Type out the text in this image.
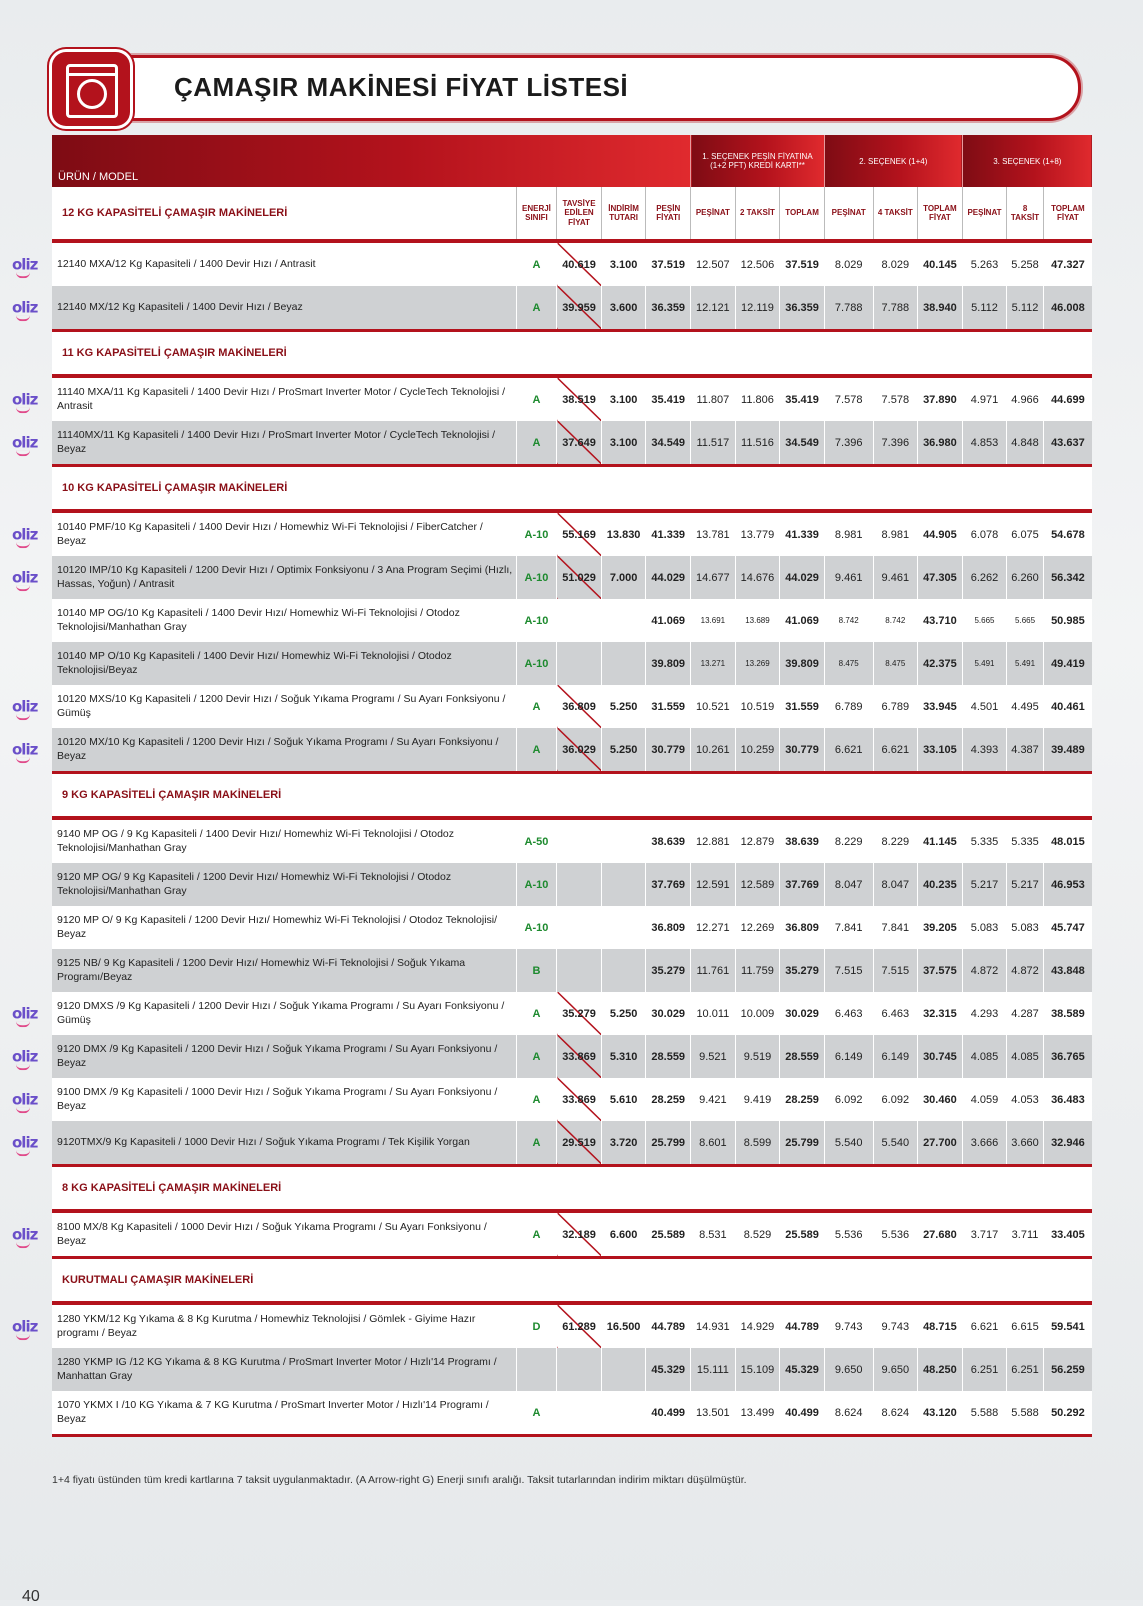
ÇAMAŞIR MAKİNESİ FİYAT LİSTESİ
ÜRÜN / MODEL					1. SEÇENEK PEŞİN FİYATINA (1+2 PFT) KREDİ KARTI**			2. SEÇENEK (1+4)			3. SEÇENEK (1+8)		
12 KG KAPASİTELİ ÇAMAŞIR MAKİNELERİ	ENERJİ SINIFI	TAVSİYE EDİLEN FİYAT	İNDİRİM TUTARI	PEŞİN FİYATI	PEŞİNAT	2 TAKSİT	TOPLAM	PEŞİNAT	4 TAKSİT	TOPLAM FİYAT	PEŞİNAT	8 TAKSİT	TOPLAM FİYAT

oliz 12140 MXA/12 Kg Kapasiteli / 1400 Devir Hızı / Antrasit	A	40.619	3.100	37.519	12.507	12.506	37.519	8.029	8.029	40.145	5.263	5.258	47.327

oliz 12140 MX/12 Kg Kapasiteli / 1400 Devir Hızı / Beyaz	A	39.959	3.600	36.359	12.121	12.119	36.359	7.788	7.788	38.940	5.112	5.112	46.008
11 KG KAPASİTELİ ÇAMAŞIR MAKİNELERİ													

oliz 11140 MXA/11 Kg Kapasiteli / 1400 Devir Hızı / ProSmart Inverter Motor / CycleTech Teknolojisi / Antrasit	A	38.519	3.100	35.419	11.807	11.806	35.419	7.578	7.578	37.890	4.971	4.966	44.699

oliz 11140MX/11 Kg Kapasiteli / 1400 Devir Hızı / ProSmart Inverter Motor / CycleTech Teknolojisi / Beyaz	A	37.649	3.100	34.549	11.517	11.516	34.549	7.396	7.396	36.980	4.853	4.848	43.637
10 KG KAPASİTELİ ÇAMAŞIR MAKİNELERİ													

oliz 10140 PMF/10 Kg Kapasiteli / 1400 Devir Hızı / Homewhiz Wi-Fi Teknolojisi / FiberCatcher / Beyaz	A-10	55.169	13.830	41.339	13.781	13.779	41.339	8.981	8.981	44.905	6.078	6.075	54.678

oliz 10120 IMP/10 Kg Kapasiteli / 1200 Devir Hızı / Optimix Fonksiyonu / 3 Ana Program Seçimi (Hızlı, Hassas, Yoğun) / Antrasit	A-10	51.029	7.000	44.029	14.677	14.676	44.029	9.461	9.461	47.305	6.262	6.260	56.342
10140 MP OG/10 Kg Kapasiteli / 1400 Devir Hızı/ Homewhiz Wi-Fi Teknolojisi / Otodoz Teknolojisi/Manhathan Gray	A-10			41.069	13.691	13.689	41.069	8.742	8.742	43.710	5.665	5.665	50.985
10140 MP O/10 Kg Kapasiteli / 1400 Devir Hızı/ Homewhiz Wi-Fi Teknolojisi / Otodoz Teknolojisi/Beyaz	A-10			39.809	13.271	13.269	39.809	8.475	8.475	42.375	5.491	5.491	49.419

oliz 10120 MXS/10 Kg Kapasiteli / 1200 Devir Hızı / Soğuk Yıkama Programı / Su Ayarı Fonksiyonu / Gümüş	A	36.809	5.250	31.559	10.521	10.519	31.559	6.789	6.789	33.945	4.501	4.495	40.461

oliz 10120 MX/10 Kg Kapasiteli / 1200 Devir Hızı / Soğuk Yıkama Programı / Su Ayarı Fonksiyonu / Beyaz	A	36.029	5.250	30.779	10.261	10.259	30.779	6.621	6.621	33.105	4.393	4.387	39.489
9 KG KAPASİTELİ ÇAMAŞIR MAKİNELERİ													
9140 MP OG / 9 Kg Kapasiteli / 1400 Devir Hızı/ Homewhiz Wi-Fi Teknolojisi / Otodoz Teknolojisi/Manhathan Gray	A-50			38.639	12.881	12.879	38.639	8.229	8.229	41.145	5.335	5.335	48.015
9120 MP OG/ 9 Kg Kapasiteli / 1200 Devir Hızı/ Homewhiz Wi-Fi Teknolojisi / Otodoz Teknolojisi/Manhathan Gray	A-10			37.769	12.591	12.589	37.769	8.047	8.047	40.235	5.217	5.217	46.953
9120 MP O/ 9 Kg Kapasiteli / 1200 Devir Hızı/ Homewhiz Wi-Fi Teknolojisi / Otodoz Teknolojisi/ Beyaz	A-10			36.809	12.271	12.269	36.809	7.841	7.841	39.205	5.083	5.083	45.747
9125 NB/ 9 Kg Kapasiteli / 1200 Devir Hızı/ Homewhiz Wi-Fi Teknolojisi / Soğuk Yıkama Programı/Beyaz	B			35.279	11.761	11.759	35.279	7.515	7.515	37.575	4.872	4.872	43.848

oliz 9120 DMXS /9 Kg Kapasiteli / 1200 Devir Hızı / Soğuk Yıkama Programı / Su Ayarı Fonksiyonu / Gümüş	A	35.279	5.250	30.029	10.011	10.009	30.029	6.463	6.463	32.315	4.293	4.287	38.589

oliz 9120 DMX /9 Kg Kapasiteli / 1200 Devir Hızı / Soğuk Yıkama Programı / Su Ayarı Fonksiyonu / Beyaz	A	33.869	5.310	28.559	9.521	9.519	28.559	6.149	6.149	30.745	4.085	4.085	36.765

oliz 9100 DMX /9 Kg Kapasiteli / 1000 Devir Hızı / Soğuk Yıkama Programı / Su Ayarı Fonksiyonu / Beyaz	A	33.869	5.610	28.259	9.421	9.419	28.259	6.092	6.092	30.460	4.059	4.053	36.483

oliz 9120TMX/9 Kg Kapasiteli / 1000 Devir Hızı / Soğuk Yıkama Programı / Tek Kişilik Yorgan	A	29.519	3.720	25.799	8.601	8.599	25.799	5.540	5.540	27.700	3.666	3.660	32.946
8 KG KAPASİTELİ ÇAMAŞIR MAKİNELERİ													

oliz 8100 MX/8 Kg Kapasiteli / 1000 Devir Hızı / Soğuk Yıkama Programı / Su Ayarı Fonksiyonu / Beyaz	A	32.189	6.600	25.589	8.531	8.529	25.589	5.536	5.536	27.680	3.717	3.711	33.405
KURUTMALI ÇAMAŞIR MAKİNELERİ													

oliz 1280 YKM/12 Kg Yıkama & 8 Kg Kurutma / Homewhiz Teknolojisi / Gömlek - Giyime Hazır programı / Beyaz	D	61.289	16.500	44.789	14.931	14.929	44.789	9.743	9.743	48.715	6.621	6.615	59.541
1280 YKMP IG /12 KG Yıkama & 8 KG Kurutma / ProSmart Inverter Motor / Hızlı'14 Programı / Manhattan Gray				45.329	15.111	15.109	45.329	9.650	9.650	48.250	6.251	6.251	56.259
1070 YKMX I /10 KG Yıkama & 7 KG Kurutma / ProSmart Inverter Motor / Hızlı'14 Programı / Beyaz	A			40.499	13.501	13.499	40.499	8.624	8.624	43.120	5.588	5.588	50.292
1+4 fiyatı üstünden tüm kredi kartlarına 7 taksit uygulanmaktadır. (A Arrow-right G) Enerji sınıfı aralığı. Taksit tutarlarından indirim miktarı düşülmüştür.
40
